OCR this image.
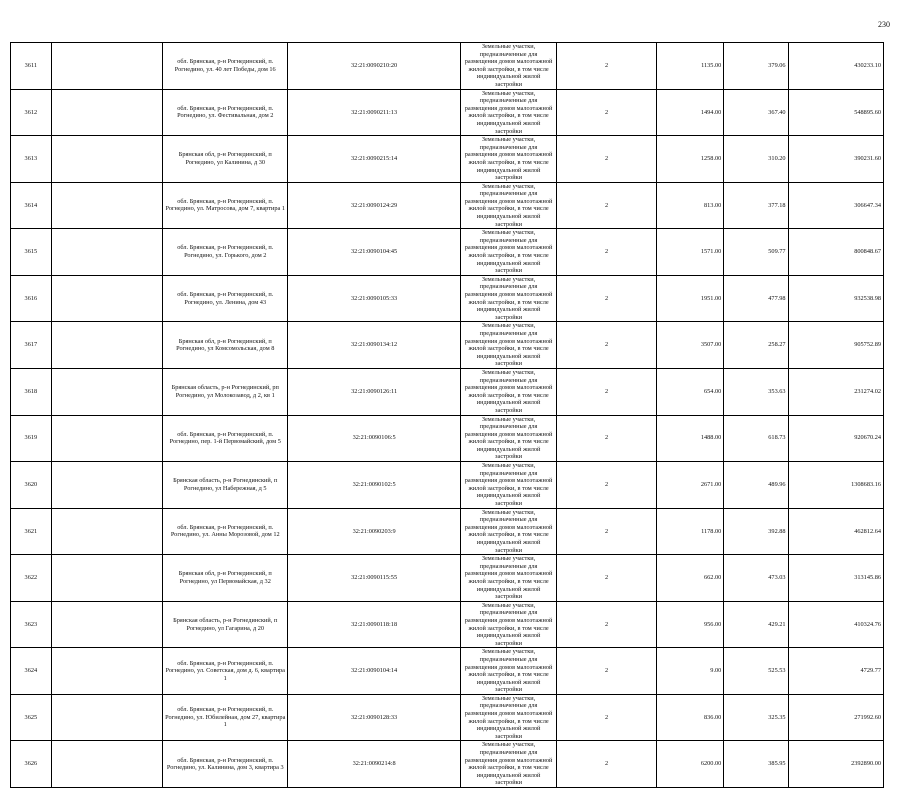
230
3611		обл. Брянская, р-н Рогнединский, п. Рогнедино, ул. 40 лет Победы, дом 16	32:21:0090210:20	Земельные участки, предназначенные для размещения домов малоэтажной жилой застройки, в том числе индивидуальной жилой застройки	2	1135.00	379.06	430233.10
3612		обл. Брянская, р-н Рогнединский, п. Рогнедино, ул. Фестивальная, дом 2	32:21:0090211:13	Земельные участки, предназначенные для размещения домов малоэтажной жилой застройки, в том числе индивидуальной жилой застройки	2	1494.00	367.40	548895.60
3613		Брянская обл, р-н Рогнединский, п Рогнедино, ул Калинина, д 30	32:21:0090215:14	Земельные участки, предназначенные для размещения домов малоэтажной жилой застройки, в том числе индивидуальной жилой застройки	2	1258.00	310.20	390231.60
3614		обл. Брянская, р-н Рогнединский, п. Рогнедино, ул. Матросова, дом 7, квартира 1	32:21:0090124:29	Земельные участки, предназначенные для размещения домов малоэтажной жилой застройки, в том числе индивидуальной жилой застройки	2	813.00	377.18	306647.34
3615		обл. Брянская, р-н Рогнединский, п. Рогнедино, ул. Горького, дом 2	32:21:0090104:45	Земельные участки, предназначенные для размещения домов малоэтажной жилой застройки, в том числе индивидуальной жилой застройки	2	1571.00	509.77	800848.67
3616		обл. Брянская, р-н Рогнединский, п. Рогнедино, ул. Ленина, дом 43	32:21:0090105:33	Земельные участки, предназначенные для размещения домов малоэтажной жилой застройки, в том числе индивидуальной жилой застройки	2	1951.00	477.98	932538.98
3617		Брянская обл, р-н Рогнединский, п Рогнедино, ул Комсомольская, дом 8	32:21:0090134:12	Земельные участки, предназначенные для размещения домов малоэтажной жилой застройки, в том числе индивидуальной жилой застройки	2	3507.00	258.27	905752.89
3618		Брянская область, р-н Рогнединский, рп Рогнедино, ул Молокозавод, д 2, кв 1	32:21:0090126:11	Земельные участки, предназначенные для размещения домов малоэтажной жилой застройки, в том числе индивидуальной жилой застройки	2	654.00	353.63	231274.02
3619		обл. Брянская, р-н Рогнединский, п. Рогнедино, пер. 1-й Первомайский, дом 5	32:21:0090106:5	Земельные участки, предназначенные для размещения домов малоэтажной жилой застройки, в том числе индивидуальной жилой застройки	2	1488.00	618.73	920670.24
3620		Брянская область, р-н Рогнединский, п Рогнедино, ул Набережная, д 5	32:21:0090102:5	Земельные участки, предназначенные для размещения домов малоэтажной жилой застройки, в том числе индивидуальной жилой застройки	2	2671.00	489.96	1308683.16
3621		обл. Брянская, р-н Рогнединский, п. Рогнедино, ул. Анны Морозовой, дом 12	32:21:0090203:9	Земельные участки, предназначенные для размещения домов малоэтажной жилой застройки, в том числе индивидуальной жилой застройки	2	1178.00	392.88	462812.64
3622		Брянская обл, р-н Рогнединский, п Рогнедино, ул Первомайская, д 32	32:21:0090115:55	Земельные участки, предназначенные для размещения домов малоэтажной жилой застройки, в том числе индивидуальной жилой застройки	2	662.00	473.03	313145.86
3623		Брянская область, р-н Рогнединский, п Рогнедино, ул Гагарина, д 20	32:21:0090118:18	Земельные участки, предназначенные для размещения домов малоэтажной жилой застройки, в том числе индивидуальной жилой застройки	2	956.00	429.21	410324.76
3624		обл. Брянская, р-н Рогнединский, п. Рогнедино, ул. Советская, дом д. 6, квартира 1	32:21:0090104:14	Земельные участки, предназначенные для размещения домов малоэтажной жилой застройки, в том числе индивидуальной жилой застройки	2	9.00	525.53	4729.77
3625		обл. Брянская, р-н Рогнединский, п. Рогнедино, ул. Юбилейная, дом 27, квартира 1	32:21:0090128:33	Земельные участки, предназначенные для размещения домов малоэтажной жилой застройки, в том числе индивидуальной жилой застройки	2	836.00	325.35	271992.60
3626		обл. Брянская, р-н Рогнединский, п. Рогнедино, ул. Калинина, дом 3, квартира 3	32:21:0090214:8	Земельные участки, предназначенные для размещения домов малоэтажной жилой застройки, в том числе индивидуальной жилой застройки	2	6200.00	385.95	2392890.00
